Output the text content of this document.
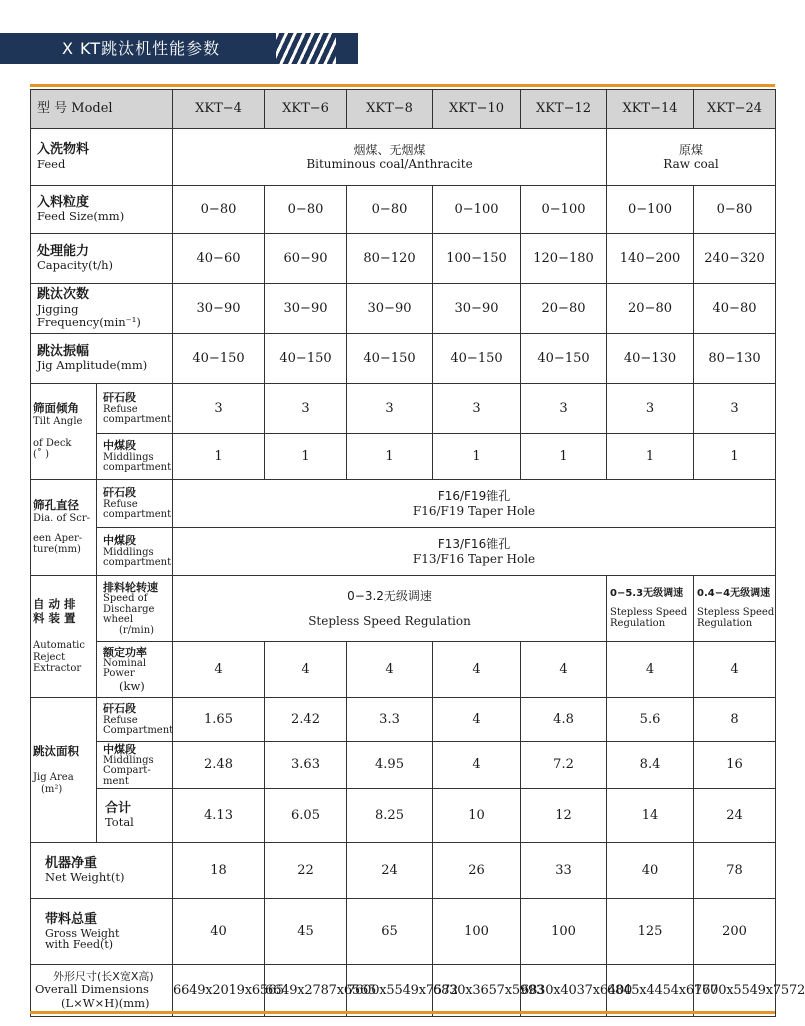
X KT跳汰机性能参数
型 号 Model		XKT−4	XKT−6	XKT−8	XKT−10	XKT−12	XKT−14	XKT−24

入洗物料
Feed		烟煤、无烟煤
Bituminous coal/Anthracite					原煤
Raw coal	

入料粒度
Feed Size(mm)		0−80	0−80	0−80	0−100	0−100	0−100	0−80

处理能力
Capacity(t/h)		40−60	60−90	80−120	100−150	120−180	140−200	240−320

跳汰次数
Jigging Frequency(min⁻¹)		30−90	30−90	30−90	30−90	20−80	20−80	40−80

跳汰振幅
Jig Amplitude(mm)		40−150	40−150	40−150	40−150	40−150	40−130	80−130

筛面倾角
Tilt Angle
of Deck
(˚ )	矸石段
Refuse
compartment	3	3	3	3	3	3	3

	中煤段
Middlings
compartment	1	1	1	1	1	1	1

筛孔直径
Dia. of Scr-
een Aper-
ture(mm)	矸石段
Refuse
compartment	F16/F19锥孔
F16/F19 Taper Hole						

	中煤段
Middlings
compartment	F13/F16锥孔
F13/F16 Taper Hole						

自 动 排
料 装 置
Automatic
Reject
Extractor	排料轮转速
Speed of
Discharge wheel
(r/min)	0−3.2无级调速
Stepless Speed Regulation					0−5.3无级调速
Stepless Speed
Regulation	0.4−4无级调速
Stepless Speed
Regulation

	额定功率
Nominal Power
(kw)	4	4	4	4	4	4	4

跳汰面积
Jig Area
(m²)	矸石段
Refuse
Compartment	1.65	2.42	3.3	4	4.8	5.6	8

	中煤段
Middlings Compart-
ment	2.48	3.63	4.95	4	7.2	8.4	16

	合计
Total	4.13	6.05	8.25	10	12	14	24

机器净重
Net Weight(t)		18	22	24	26	33	40	78

带料总重
Gross Weight
with Feed(t)		40	45	65	100	100	125	200

外形尺寸(长X宽X高)
Overall Dimensions
(L×W×H)(mm)		6649x2019x6565	6649x2787x6565	7600x5549x7572	6830x3657x5993	6830x4037x6400	6845x4454x6177	7600x5549x7572
